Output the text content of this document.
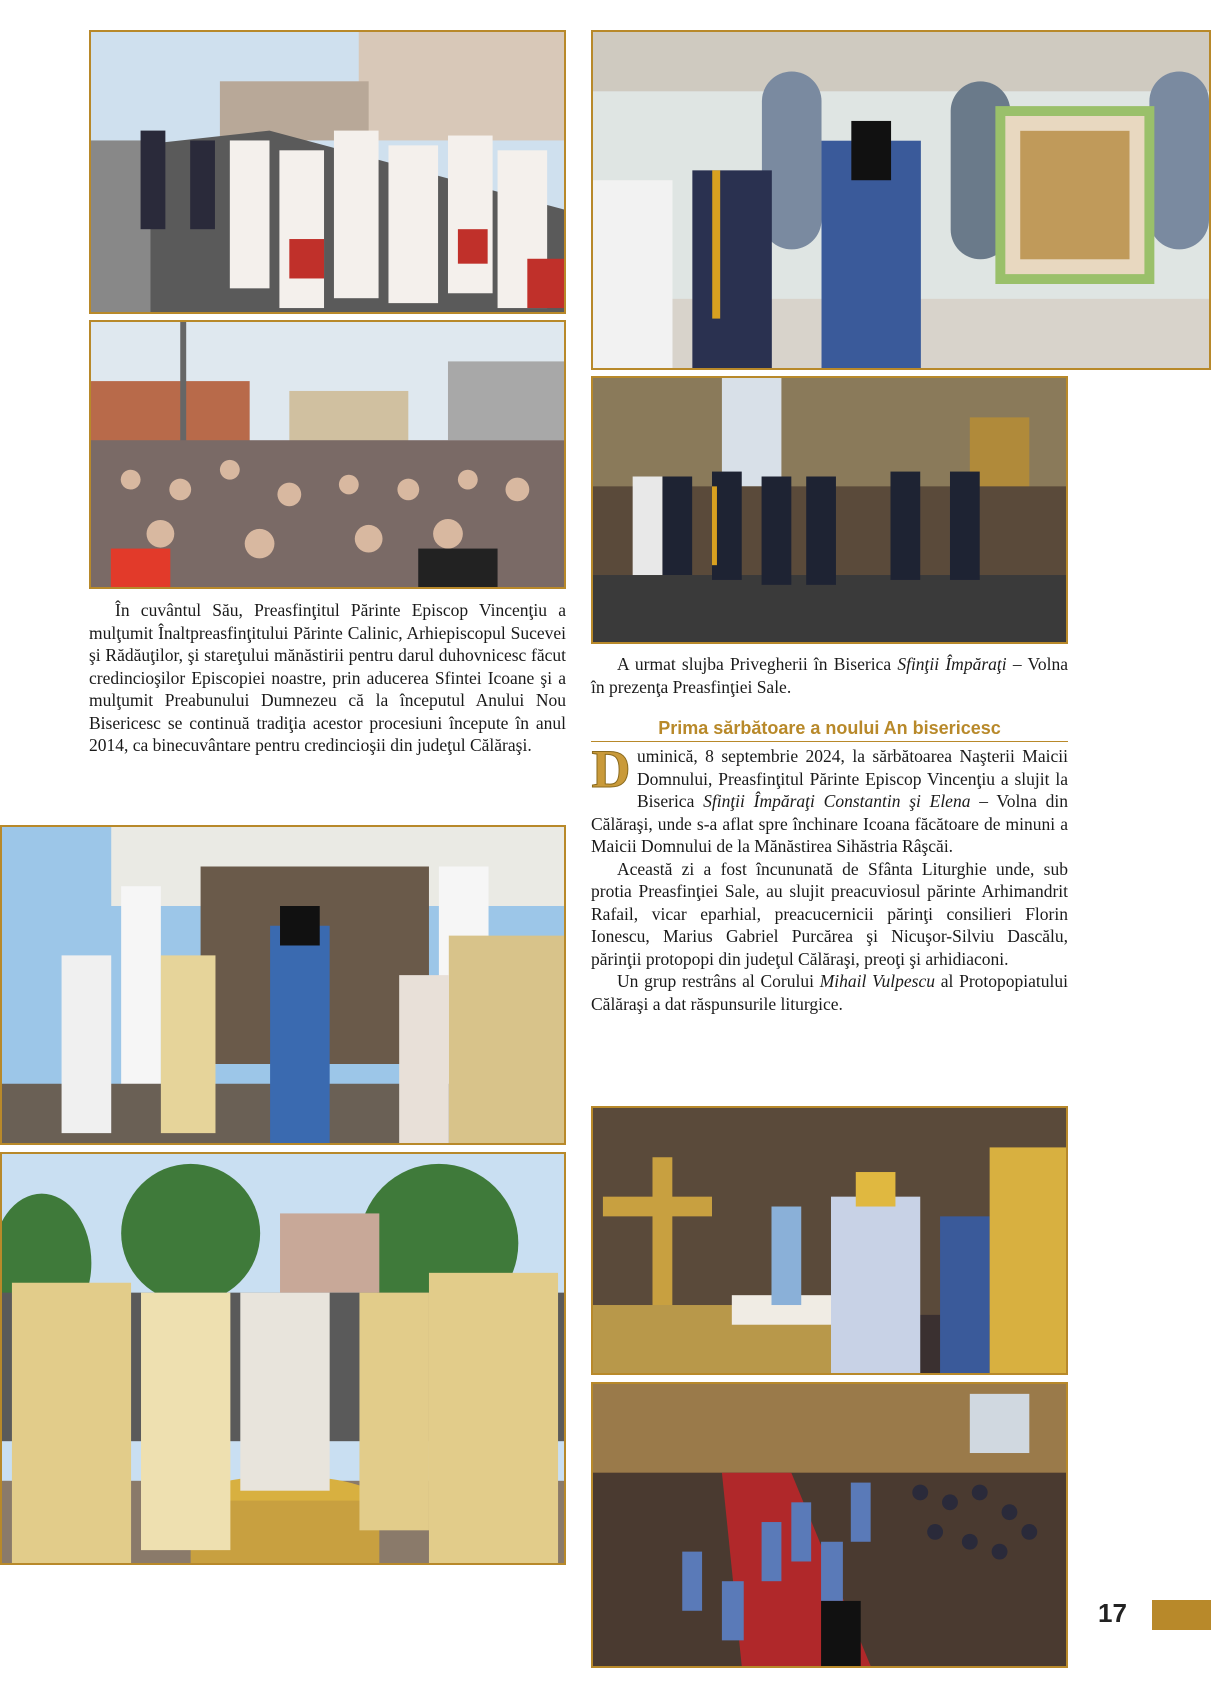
În cuvântul Său, Preasfinţitul Părinte Episcop Vincenţiu a mulţumit Înaltpreasfinţitului Părinte Calinic, Arhiepiscopul Sucevei şi Rădăuţilor, şi stareţului mănăstirii pentru darul duhovnicesc făcut credincioşilor Episcopiei noastre, prin aducerea Sfintei Icoane şi a mulţumit Preabunului Dumnezeu că la începutul Anului Nou Bisericesc se continuă tradiţia acestor procesiuni începute în anul 2014, ca binecuvântare pentru credincioşii din judeţul Călăraşi.

A urmat slujba Privegherii în Biserica Sfinţii Împăraţi – Volna în prezenţa Preasfinţiei Sale.

Prima sărbătoare a noului An bisericesc

Duminică, 8 septembrie 2024, la sărbătoarea Naşterii Maicii Domnului, Preasfinţitul Părinte Episcop Vincenţiu a slujit la Biserica Sfinţii Împăraţi Constantin şi Elena – Volna din Călăraşi, unde s-a aflat spre închinare Icoana făcătoare de minuni a Maicii Domnului de la Mănăstirea Sihăstria Râşcăi.

Această zi a fost încununată de Sfânta Liturghie unde, sub protia Preasfinţiei Sale, au slujit preacuviosul părinte Arhimandrit Rafail, vicar eparhial, preacucernicii părinţi consilieri Florin Ionescu, Marius Gabriel Purcărea şi Nicuşor-Silviu Dascălu, părinţii protopopi din judeţul Călăraşi, preoţi şi arhidiaconi.

Un grup restrâns al Corului Mihail Vulpescu al Protopopiatului Călăraşi a dat răspunsurile liturgice.

17
